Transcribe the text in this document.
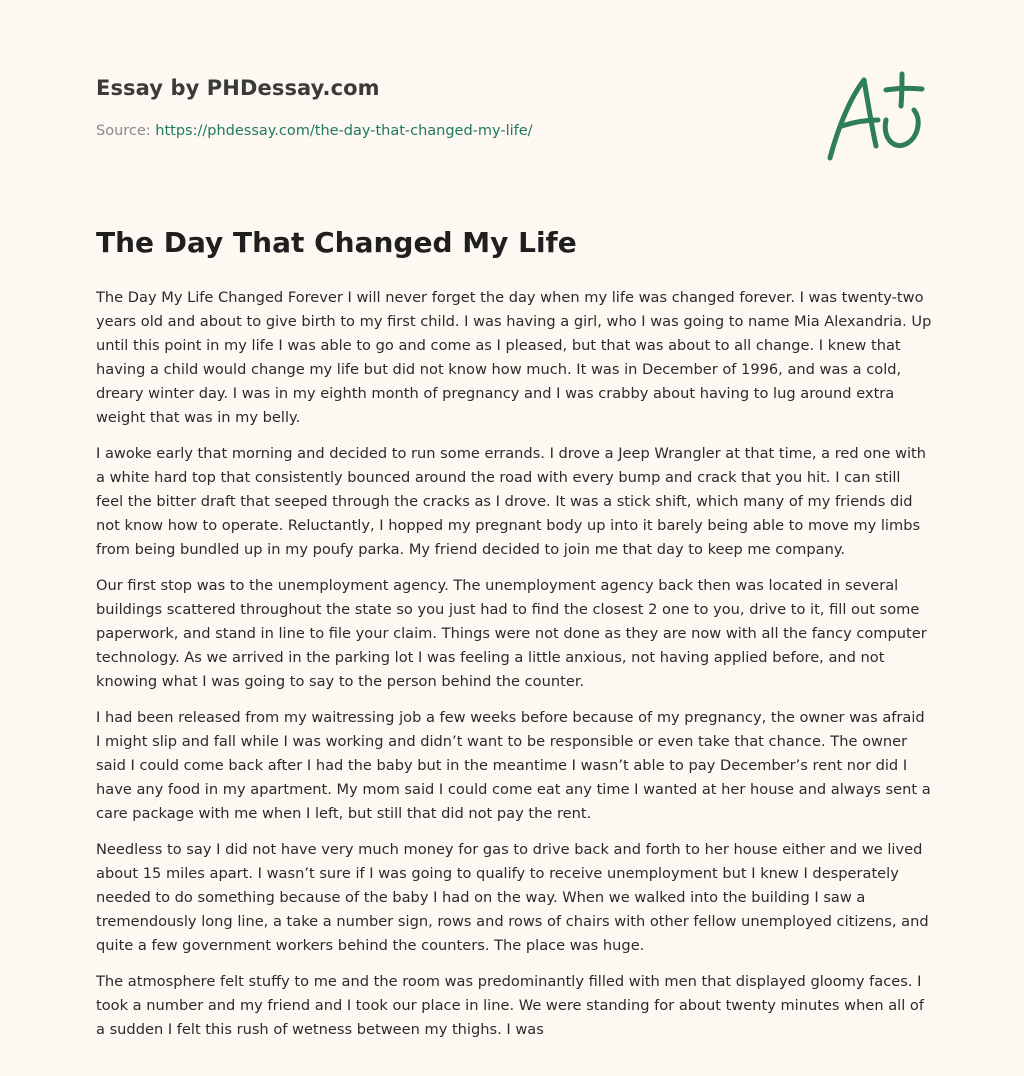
Essay by PHDessay.com
Source: https://phdessay.com/the-day-that-changed-my-life/
The Day That Changed My Life

The Day My Life Changed Forever I will never forget the day when my life was changed forever. I was twenty-two years old and about to give birth to my first child. I was having a girl, who I was going to name Mia Alexandria. Up until this point in my life I was able to go and come as I pleased, but that was about to all change. I knew that having a child would change my life but did not know how much. It was in December of 1996, and was a cold, dreary winter day. I was in my eighth month of pregnancy and I was crabby about having to lug around extra weight that was in my belly.

I awoke early that morning and decided to run some errands. I drove a Jeep Wrangler at that time, a red one with a white hard top that consistently bounced around the road with every bump and crack that you hit. I can still feel the bitter draft that seeped through the cracks as I drove. It was a stick shift, which many of my friends did not know how to operate. Reluctantly, I hopped my pregnant body up into it barely being able to move my limbs from being bundled up in my poufy parka. My friend decided to join me that day to keep me company.

Our first stop was to the unemployment agency. The unemployment agency back then was located in several buildings scattered throughout the state so you just had to find the closest 2 one to you, drive to it, fill out some paperwork, and stand in line to file your claim. Things were not done as they are now with all the fancy computer technology. As we arrived in the parking lot I was feeling a little anxious, not having applied before, and not knowing what I was going to say to the person behind the counter.

I had been released from my waitressing job a few weeks before because of my pregnancy, the owner was afraid I might slip and fall while I was working and didn’t want to be responsible or even take that chance. The owner said I could come back after I had the baby but in the meantime I wasn’t able to pay December’s rent nor did I have any food in my apartment. My mom said I could come eat any time I wanted at her house and always sent a care package with me when I left, but still that did not pay the rent.

Needless to say I did not have very much money for gas to drive back and forth to her house either and we lived about 15 miles apart. I wasn’t sure if I was going to qualify to receive unemployment but I knew I desperately needed to do something because of the baby I had on the way. When we walked into the building I saw a tremendously long line, a take a number sign, rows and rows of chairs with other fellow unemployed citizens, and quite a few government workers behind the counters. The place was huge.

The atmosphere felt stuffy to me and the room was predominantly filled with men that displayed gloomy faces. I took a number and my friend and I took our place in line. We were standing for about twenty minutes when all of a sudden I felt this rush of wetness between my thighs. I was
